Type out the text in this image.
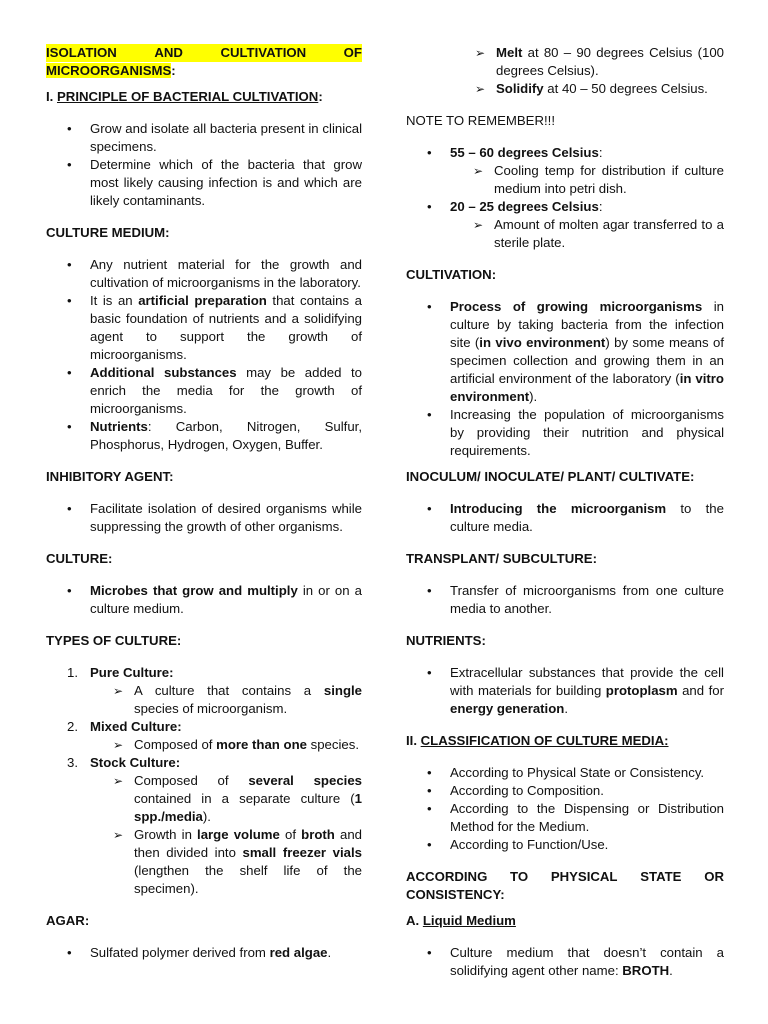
ISOLATION	AND	CULTIVATION	OF
MICROORGANISMS:
I. PRINCIPLE OF BACTERIAL CULTIVATION:
• Grow and isolate all bacteria present in clinical specimens.
• Determine which of the bacteria that grow most likely causing infection is and which are likely contaminants.
CULTURE MEDIUM:
• Any nutrient material for the growth and cultivation of microorganisms in the laboratory.
• It is an artificial preparation that contains a basic foundation of nutrients and a solidifying agent to support the growth of microorganisms.
• Additional substances may be added to enrich the media for the growth of microorganisms.
• Nutrients: Carbon, Nitrogen, Sulfur, Phosphorus, Hydrogen, Oxygen, Buffer.
INHIBITORY AGENT:
• Facilitate isolation of desired organisms while suppressing the growth of other organisms.
CULTURE:
• Microbes that grow and multiply in or on a culture medium.
TYPES OF CULTURE:
1. Pure Culture:
➢ A culture that contains a single species of microorganism.
2. Mixed Culture:
➢ Composed of more than one species.
3. Stock Culture:
➢ Composed of several species contained in a separate culture (1 spp./media).
➢ Growth in large volume of broth and then divided into small freezer vials (lengthen the shelf life of the specimen).
AGAR:
• Sulfated polymer derived from red algae.
➢ Melt at 80 – 90 degrees Celsius (100 degrees Celsius).
➢ Solidify at 40 – 50 degrees Celsius.
NOTE TO REMEMBER!!!
• 55 – 60 degrees Celsius:
➢ Cooling temp for distribution if culture medium into petri dish.
• 20 – 25 degrees Celsius:
➢ Amount of molten agar transferred to a sterile plate.
CULTIVATION:
• Process of growing microorganisms in culture by taking bacteria from the infection site (in vivo environment) by some means of specimen collection and growing them in an artificial environment of the laboratory (in vitro environment).
• Increasing the population of microorganisms by providing their nutrition and physical requirements.
INOCULUM/ INOCULATE/ PLANT/ CULTIVATE:
• Introducing the microorganism to the culture media.
TRANSPLANT/ SUBCULTURE:
• Transfer of microorganisms from one culture media to another.
NUTRIENTS:
• Extracellular substances that provide the cell with materials for building protoplasm and for energy generation.
II. CLASSIFICATION OF CULTURE MEDIA:
• According to Physical State or Consistency.
• According to Composition.
• According to the Dispensing or Distribution Method for the Medium.
• According to Function/Use.
ACCORDING TO PHYSICAL STATE OR
CONSISTENCY:
A. Liquid Medium
• Culture medium that doesn’t contain a solidifying agent other name: BROTH.
